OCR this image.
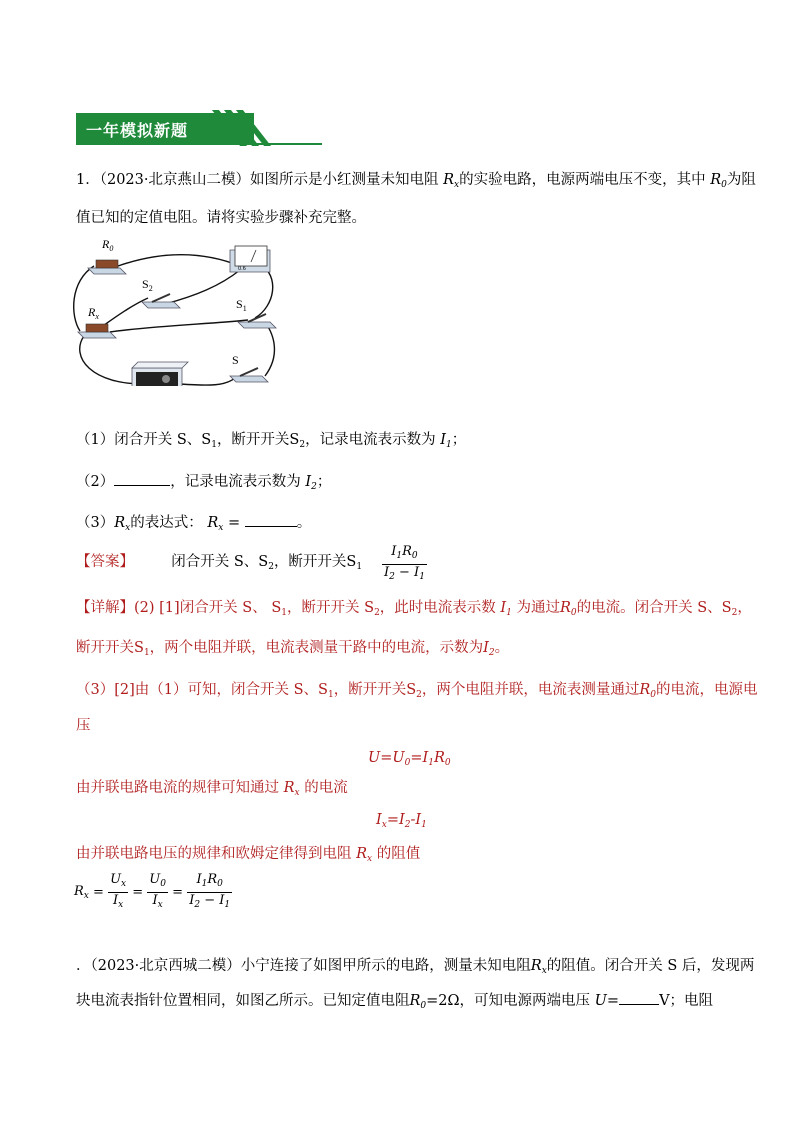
一年模拟新题
1．（2023·北京燕山二模）如图所示是小红测量未知电阻 $R_x$的实验电路，电源两端电压不变，其中 $R_0$为阻
值已知的定值电阻。请将实验步骤补充完整。
$R_0$
$R_x$
$S_2$
$S_1$
S
0.6
（1）闭合开关 S、$S_1$，断开开关$S_2$，记录电流表示数为 $I_1$；
（2）	，记录电流表示数为 $I_2$；
$(3)R_x$的表达式： $R_x$ =	。
【答案】	闭合开关 S、$S_2$，断开开关$S_1 \frac{I_1R_0}{I_2 - I_1}$
【详解】(2) [1]闭合开关 S、 $S_1$，断开开关 $S_2$，此时电流表示数 $I_1$ 为通过$R_0$的电流。闭合开关 S、$S_2$，
断开开关$S_1$，两个电阻并联，电流表测量干路中的电流，示数为$I_2$。
（3）[2]由（1）可知，闭合开关 S、$S_1$，断开开关$S_2$，两个电阻并联，电流表测量通过$R_0$的电流，电源电
压
$U=U_0=I_1R_0$
由并联电路电流的规律可知通过 $R_x$ 的电流
$I_x=I_2-I_1$
由并联电路电压的规律和欧姆定律得到电阻 $R_x$ 的阻值
$R_x = \frac{U_x}{I_x} = \frac{U_0}{I_x} = \frac{I_1R_0}{I_2 - I_1}$
．（2023·北京西城二模）小宁连接了如图甲所示的电路，测量未知电阻$R_x$的阻值。闭合开关 S 后，发现两
块电流表指针位置相同，如图乙所示。已知定值电阻$R_0=2\Omega$，可知电源两端电压 U=	V；电阻
